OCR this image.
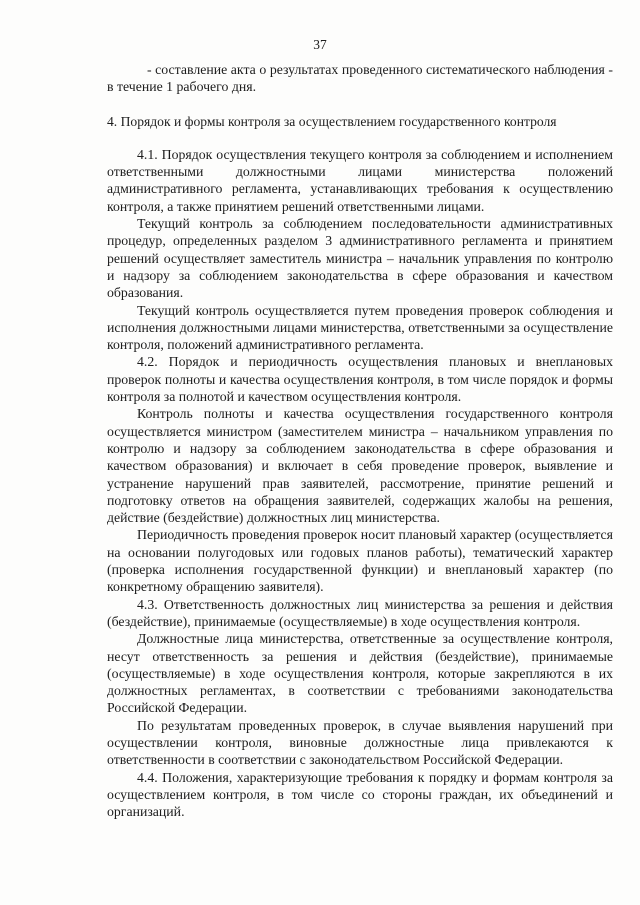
37

- составление акта о результатах проведенного систематического наблюдения - в течение 1 рабочего дня.

4. Порядок и формы контроля за осуществлением государственного контроля

4.1. Порядок осуществления текущего контроля за соблюдением и исполнением ответственными должностными лицами министерства положений административного регламента, устанавливающих требования к осуществлению контроля, а также принятием решений ответственными лицами.

Текущий контроль за соблюдением последовательности административных процедур, определенных разделом 3 административного регламента и принятием решений осуществляет заместитель министра – начальник управления по контролю и надзору за соблюдением законодательства в сфере образования и качеством образования.

Текущий контроль осуществляется путем проведения проверок соблюдения и исполнения должностными лицами министерства, ответственными за осуществление контроля, положений административного регламента.

4.2. Порядок и периодичность осуществления плановых и внеплановых проверок полноты и качества осуществления контроля, в том числе порядок и формы контроля за полнотой и качеством осуществления контроля.

Контроль полноты и качества осуществления государственного контроля осуществляется министром (заместителем министра – начальником управления по контролю и надзору за соблюдением законодательства в сфере образования и качеством образования) и включает в себя проведение проверок, выявление и устранение нарушений прав заявителей, рассмотрение, принятие решений и подготовку ответов на обращения заявителей, содержащих жалобы на решения, действие (бездействие) должностных лиц министерства.

Периодичность проведения проверок носит плановый характер (осуществляется на основании полугодовых или годовых планов работы), тематический характер (проверка исполнения государственной функции) и внеплановый характер (по конкретному обращению заявителя).

4.3. Ответственность должностных лиц министерства за решения и действия (бездействие), принимаемые (осуществляемые) в ходе осуществления контроля.

Должностные лица министерства, ответственные за осуществление контроля, несут ответственность за решения и действия (бездействие), принимаемые (осуществляемые) в ходе осуществления контроля, которые закрепляются в их должностных регламентах, в соответствии с требованиями законодательства Российской Федерации.

По результатам проведенных проверок, в случае выявления нарушений при осуществлении контроля, виновные должностные лица привлекаются к ответственности в соответствии с законодательством Российской Федерации.

4.4. Положения, характеризующие требования к порядку и формам контроля за осуществлением контроля, в том числе со стороны граждан, их объединений и организаций.
